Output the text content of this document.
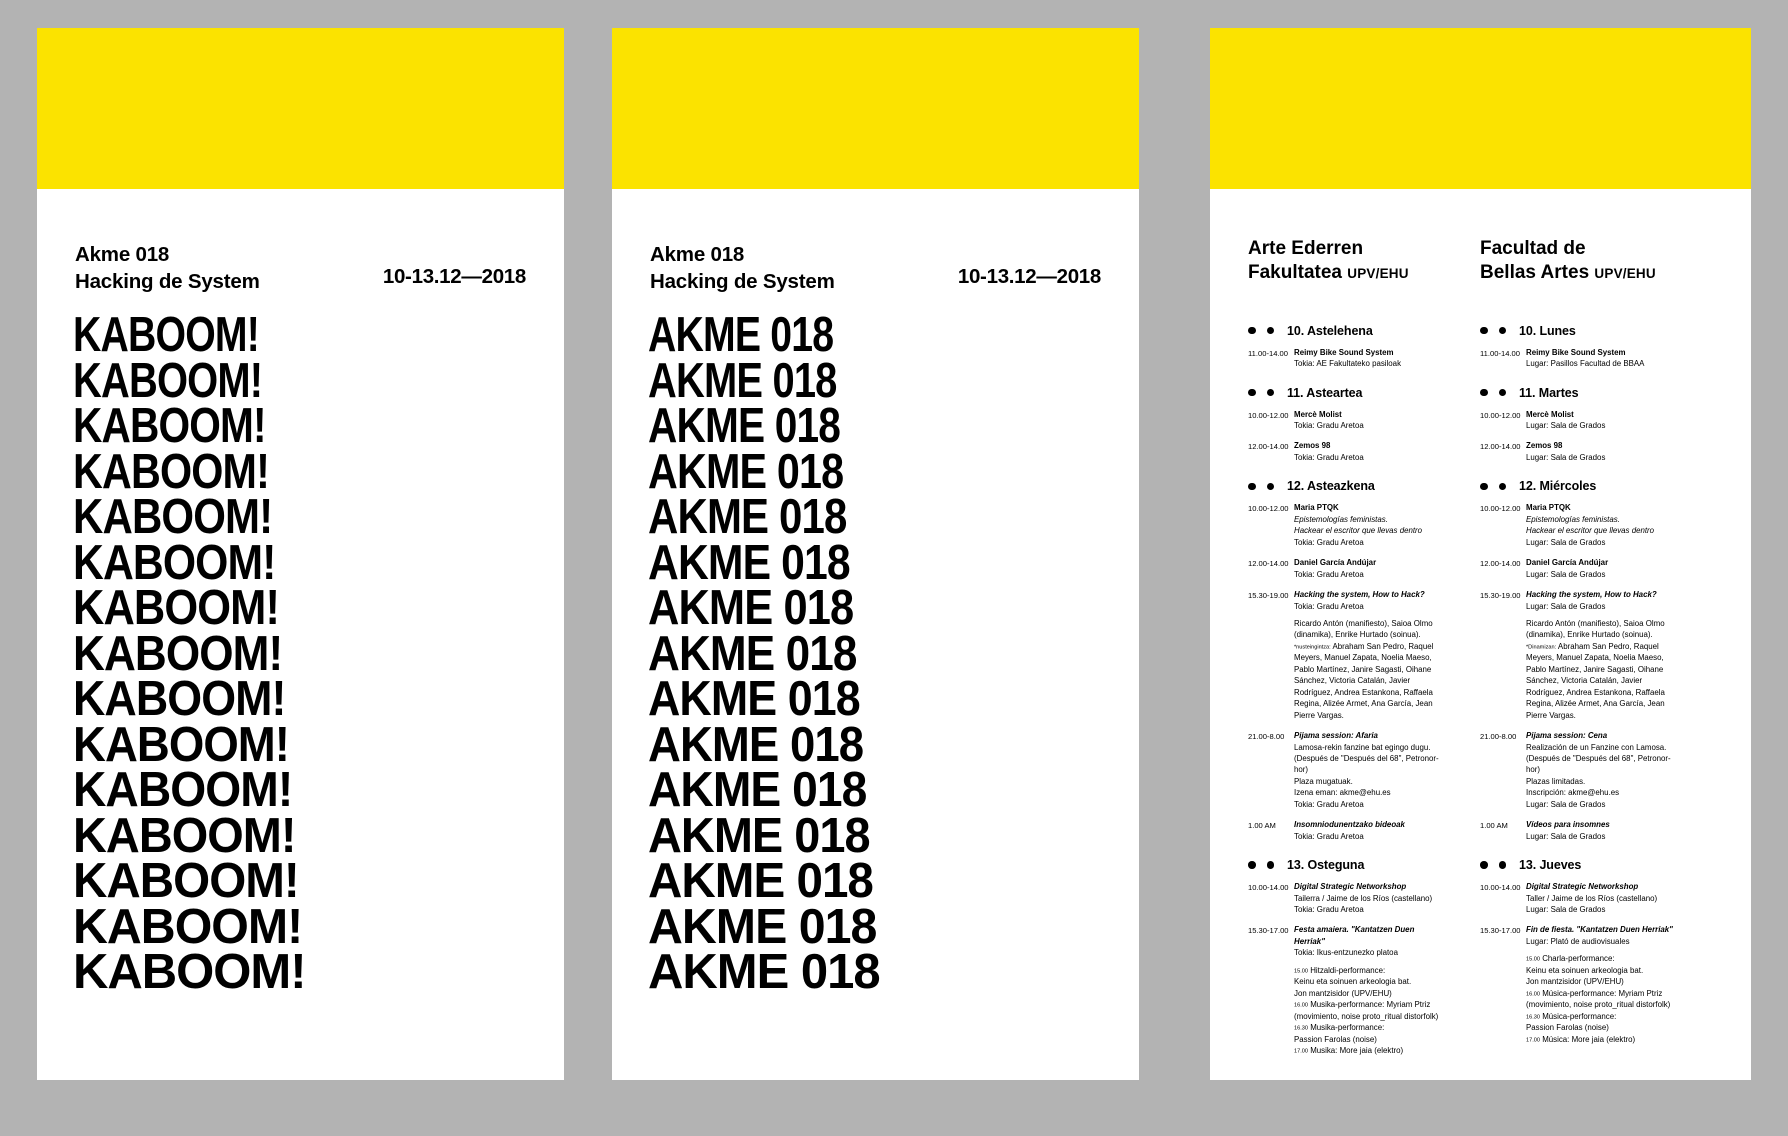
Akme 018
Hacking de System	10-13.12—2018
KABOOM!
KABOOM!
KABOOM!
KABOOM!
KABOOM!
KABOOM!
KABOOM!
KABOOM!
KABOOM!
KABOOM!
KABOOM!
KABOOM!
KABOOM!
KABOOM!
KABOOM!
Akme 018
Hacking de System	10-13.12—2018
AKME 018
AKME 018
AKME 018
AKME 018
AKME 018
AKME 018
AKME 018
AKME 018
AKME 018
AKME 018
AKME 018
AKME 018
AKME 018
AKME 018
AKME 018
Arte Ederren
Fakultatea UPV/EHU
Facultad de
Bellas Artes UPV/EHU
10. Astelehena
11.00-14.00 Reimy Bike Sound System
Tokia: AE Fakultateko pasiloak
11. Asteartea
10.00-12.00 Mercè Molist
Tokia: Gradu Aretoa
12.00-14.00 Zemos 98
Tokia: Gradu Aretoa
12. Asteazkena
10.00-12.00 Maria PTQK
Epistemologías feministas.
Hackear el escritor que llevas dentro
Tokia: Gradu Aretoa
12.00-14.00 Daniel García Andújar
Tokia: Gradu Aretoa
15.30-19.00 Hacking the system, How to Hack?
Tokia: Gradu Aretoa
Ricardo Antón (manifiesto), Saioa Olmo (dinamika), Enrike Hurtado (soinua).
*nusteingintza: Abraham San Pedro, Raquel Meyers, Manuel Zapata, Noelia Maeso, Pablo Martínez, Janire Sagasti, Oihane Sánchez, Victoria Catalán, Javier Rodríguez, Andrea Estankona, Raffaela Regina, Alizée Armet, Ana García, Jean Pierre Vargas.
21.00-8.00	Pijama session: Afaria
Lamosa-rekin fanzine bat egingo dugu.
(Después de "Después del 68", Petronor-hor)
Plaza mugatuak.
Izena eman: akme@ehu.es
Tokia: Gradu Aretoa
1.00 AM	Insomniodunentzako bideoak
Tokia: Gradu Aretoa
13. Osteguna
10.00-14.00 Digital Strategic Networkshop
Tailerra / Jaime de los Ríos (castellano)
Tokia: Gradu Aretoa
15.30-17.00 Festa amaiera. "Kantatzen Duen Herriak"
Tokia: Ikus-entzunezko platoa
15.00 Hitzaldi-performance:
Keinu eta soinuen arkeologia bat.
Jon mantzisidor (UPV/EHU)
16.00 Musika-performance: Myriam Ptriz
(movimiento, noise proto_ritual distorfolk)
16.30 Musika-performance:
Passion Farolas (noise)
17.00 Musika: More jaia (elektro)
10. Lunes
11.00-14.00 Reimy Bike Sound System
Lugar: Pasillos Facultad de BBAA
11. Martes
10.00-12.00 Mercè Molist
Lugar: Sala de Grados
12.00-14.00 Zemos 98
Lugar: Sala de Grados
12. Miércoles
10.00-12.00 Maria PTQK
Epistemologías feministas.
Hackear el escritor que llevas dentro
Lugar: Sala de Grados
12.00-14.00 Daniel García Andújar
Lugar: Sala de Grados
15.30-19.00 Hacking the system, How to Hack?
Lugar: Sala de Grados
Ricardo Antón (manifiesto), Saioa Olmo (dinamika), Enrike Hurtado (soinua).
*Dinamizan: Abraham San Pedro, Raquel Meyers, Manuel Zapata, Noelia Maeso, Pablo Martínez, Janire Sagasti, Oihane Sánchez, Victoria Catalán, Javier Rodríguez, Andrea Estankona, Raffaela Regina, Alizée Armet, Ana García, Jean Pierre Vargas.
21.00-8.00	Pijama session: Cena
Realización de un Fanzine con Lamosa.
(Después de "Después del 68", Petronor-hor)
Plazas limitadas.
Inscripción: akme@ehu.es
Lugar: Sala de Grados
1.00 AM	Vídeos para insomnes
Lugar: Sala de Grados
13. Jueves
10.00-14.00 Digital Strategic Networkshop
Taller / Jaime de los Ríos (castellano)
Lugar: Sala de Grados
15.30-17.00 Fin de fiesta. "Kantatzen Duen Herriak"
Lugar: Plató de audiovisuales
15.00 Charla-performance:
Keinu eta soinuen arkeologia bat.
Jon mantzisidor (UPV/EHU)
16.00 Música-performance: Myriam Ptriz
(movimiento, noise proto_ritual distorfolk)
16.30 Música-performance:
Passion Farolas (noise)
17.00 Música: More jaia (elektro)
